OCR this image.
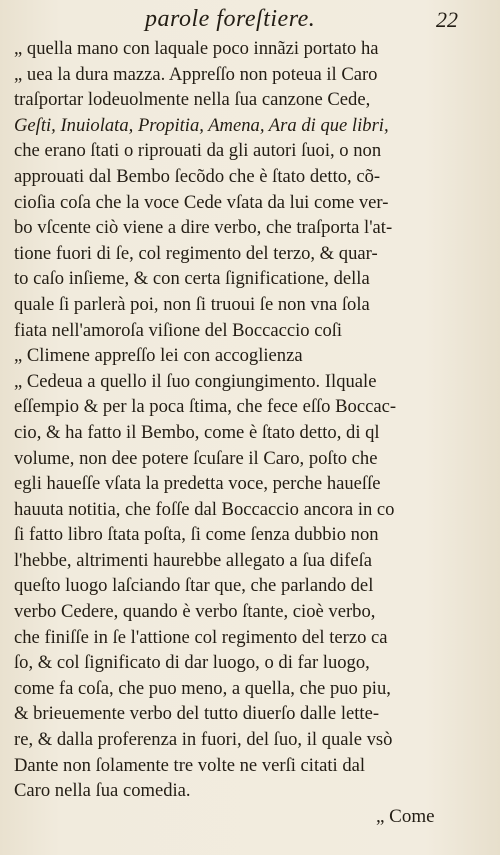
parole foreſtiere.	22
„ quella mano con laquale poco innãzi portato ha
„ uea la dura mazza. Appreſſo non poteua il Caro
traſportar lodeuolmente nella ſua canzone Cede,
Geſti, Inuiolata, Propitia, Amena, Ara di que libri,
che erano ſtati o riprouati da gli autori ſuoi, o non
approuati dal Bembo ſecõdo che è ſtato detto, cõ-
cioſia coſa che la voce Cede vſata da lui come ver-
bo vſcente ciò viene a dire verbo, che traſporta l'at-
tione fuori di ſe, col regimento del terzo, & quar-
to caſo inſieme, & con certa ſignificatione, della
quale ſi parlerà poi, non ſi truoui ſe non vna ſola
fiata nell'amoroſa viſione del Boccaccio coſi
„ Climene appreſſo lei con accoglienza
„ Cedeua a quello il ſuo congiungimento. Ilquale
eſſempio & per la poca ſtima, che fece eſſo Boccac-
cio, & ha fatto il Bembo, come è ſtato detto, di ql
volume, non dee potere ſcuſare il Caro, poſto che
egli haueſſe vſata la predetta voce, perche haueſſe
hauuta notitia, che foſſe dal Boccaccio ancora in co
ſi fatto libro ſtata poſta, ſi come ſenza dubbio non
l'hebbe, altrimenti haurebbe allegato a ſua difeſa
queſto luogo laſciando ſtar que, che parlando del
verbo Cedere, quando è verbo ſtante, cioè verbo,
che finiſſe in ſe l'attione col regimento del terzo ca
ſo, & col ſignificato di dar luogo, o di far luogo,
come fa coſa, che puo meno, a quella, che puo piu,
& brieuemente verbo del tutto diuerſo dalle lette-
re, & dalla proferenza in fuori, del ſuo, il quale vsò
Dante non ſolamente tre volte ne verſi citati dal
Caro nella ſua comedia.
„ Come
